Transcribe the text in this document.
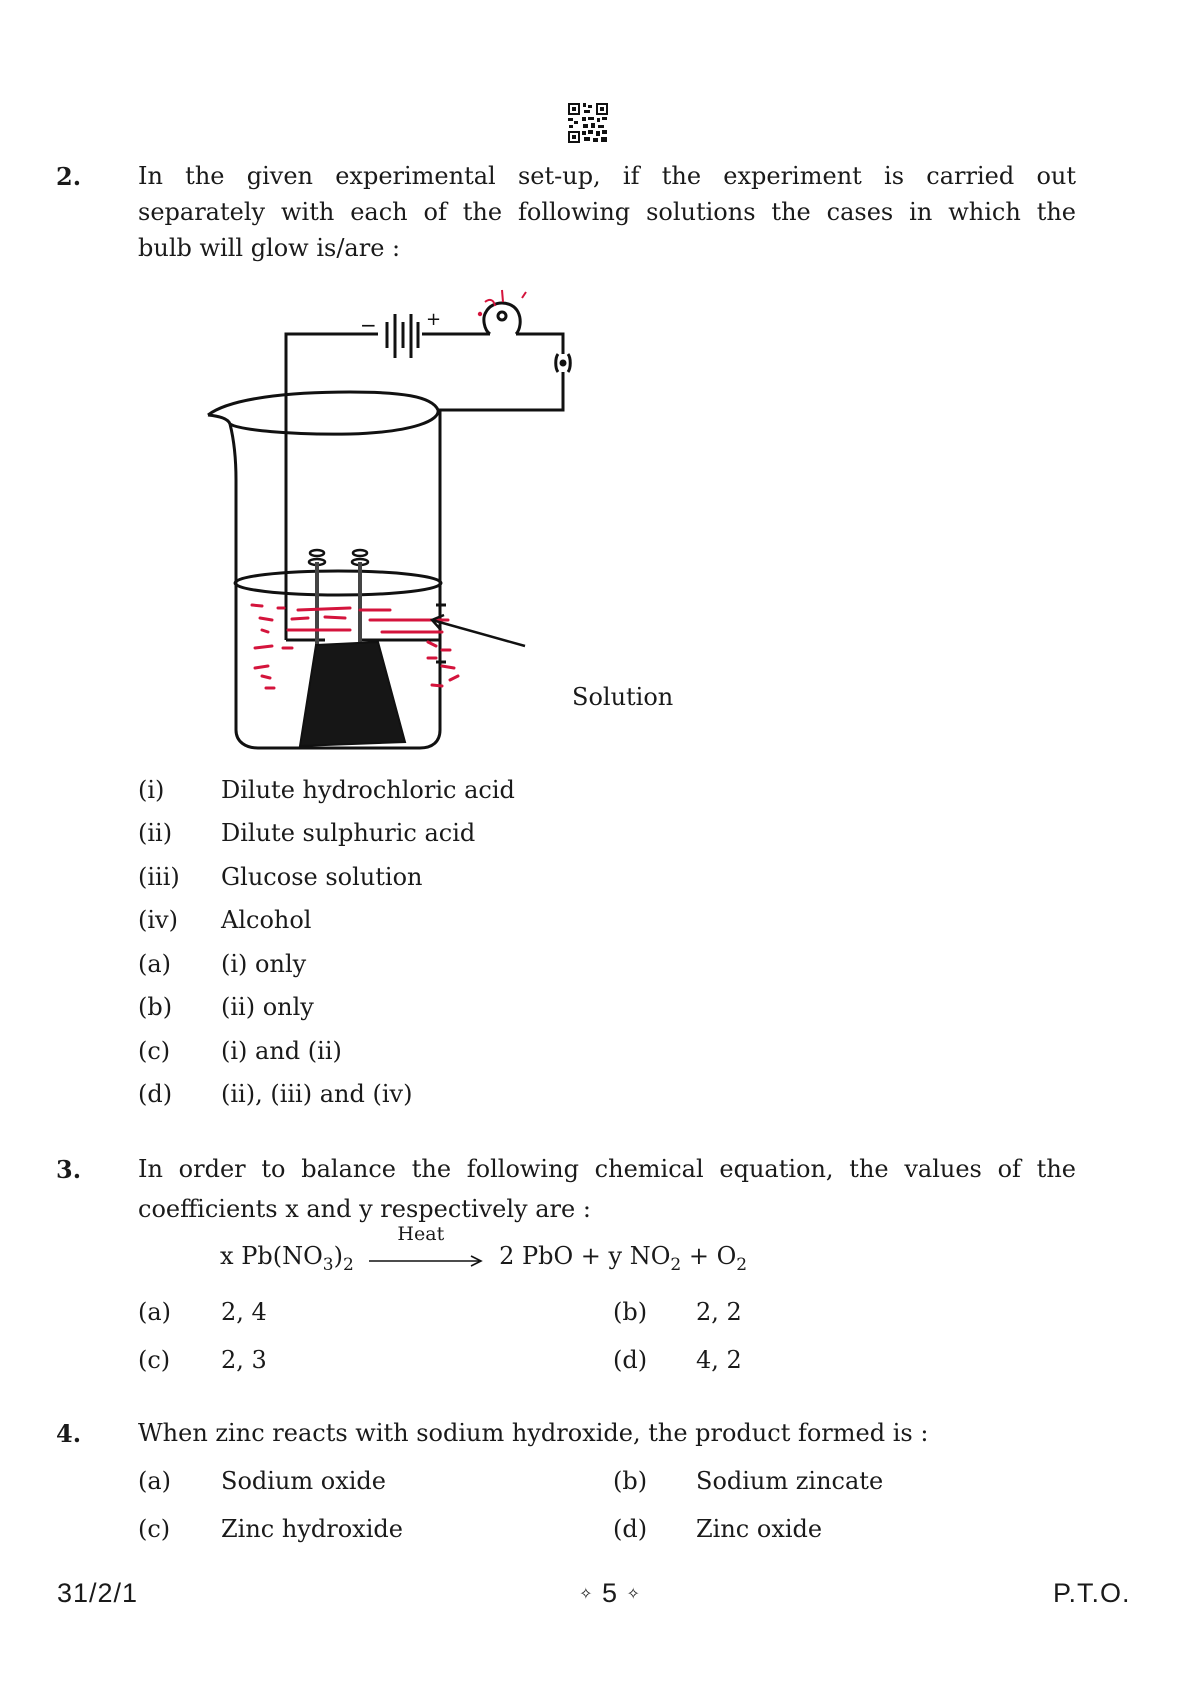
2. In the given experimental set-up, if the experiment is carried out
separately with each of the following solutions the cases in which the
bulb will glow is/are :
−	+
Solution
(i) Dilute hydrochloric acid
(ii) Dilute sulphuric acid
(iii) Glucose solution
(iv) Alcohol
(a) (i) only
(b) (ii) only
(c) (i) and (ii)
(d) (ii), (iii) and (iv)
3. In order to balance the following chemical equation, the values of the
coefficients x and y respectively are :
x $Pb(NO_3)_2$
Heat
2 PbO + y $NO_2 + O_2$
(a) 2, 4	(b) 2, 2
(c) 2, 3	(d) 4, 2
4. When zinc reacts with sodium hydroxide, the product formed is :
(a) Sodium oxide	(b) Sodium zincate
(c) Zinc hydroxide	(d) Zinc oxide
31/2/1	✧ 5 ✧	P.T.O.
